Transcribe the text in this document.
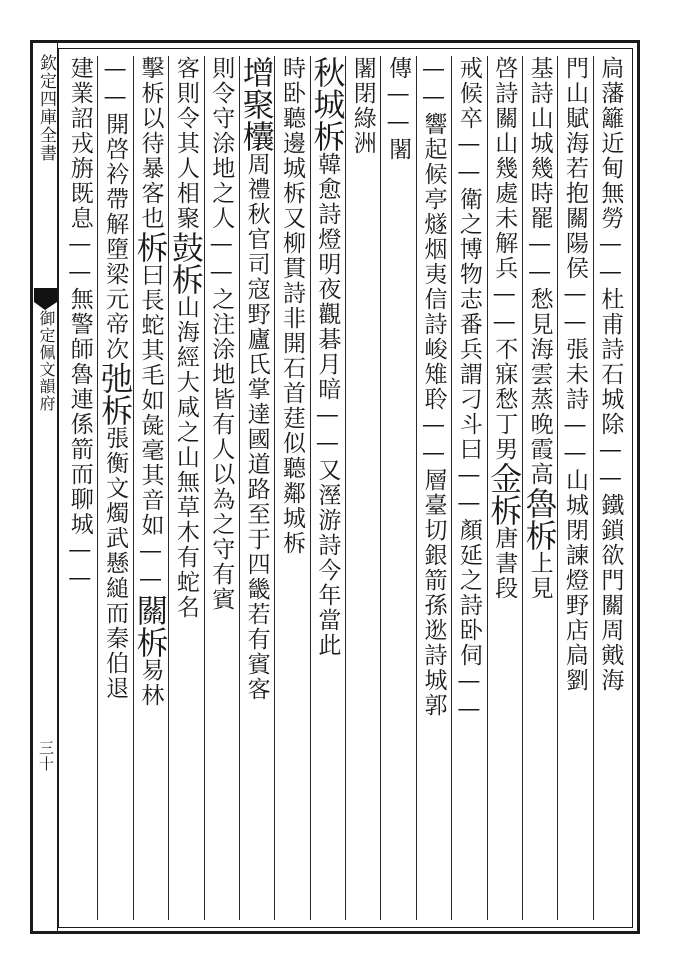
欽定四庫全書
御定佩文韻府
三十
扃藩籬近甸無勞——杜甫詩石城除——鐵鎖欲門關周戭海
門山賦海若抱關陽侯——張未詩——山城閉諫燈野店扃劉
基詩山城幾時罷——愁見海雲蒸晚霞高魯柝上見
啓詩關山幾處未解兵——不寐愁丁男金柝唐書段
戒候卒——衛之博物志番兵謂刁斗曰——顏延之詩卧伺——
——響起候亭燧烟夷信詩峻雉聆——層臺切銀箭孫逖詩城郭
傳——闍
闍閉綠洲
秋城柝韓愈詩燈明夜觀碁月暗——又溼游詩今年當此
時卧聽邊城柝又柳貫詩非開石首莛似聽鄰城柝
增聚欜周禮秋官司寇野廬氏掌達國道路至于四畿若有賓客
則令守涂地之人——之注涂地皆有人以為之守有賓
客則令其人相聚鼓柝山海經大咸之山無草木有蛇名
擊柝以待暴客也柝曰長蛇其毛如彘毫其音如——關柝易林
——開啓衿帶解墮梁元帝次弛柝張衡文燭武懸縋而秦伯退
建業詔戎旃既息——無警師魯連係箭而聊城——
